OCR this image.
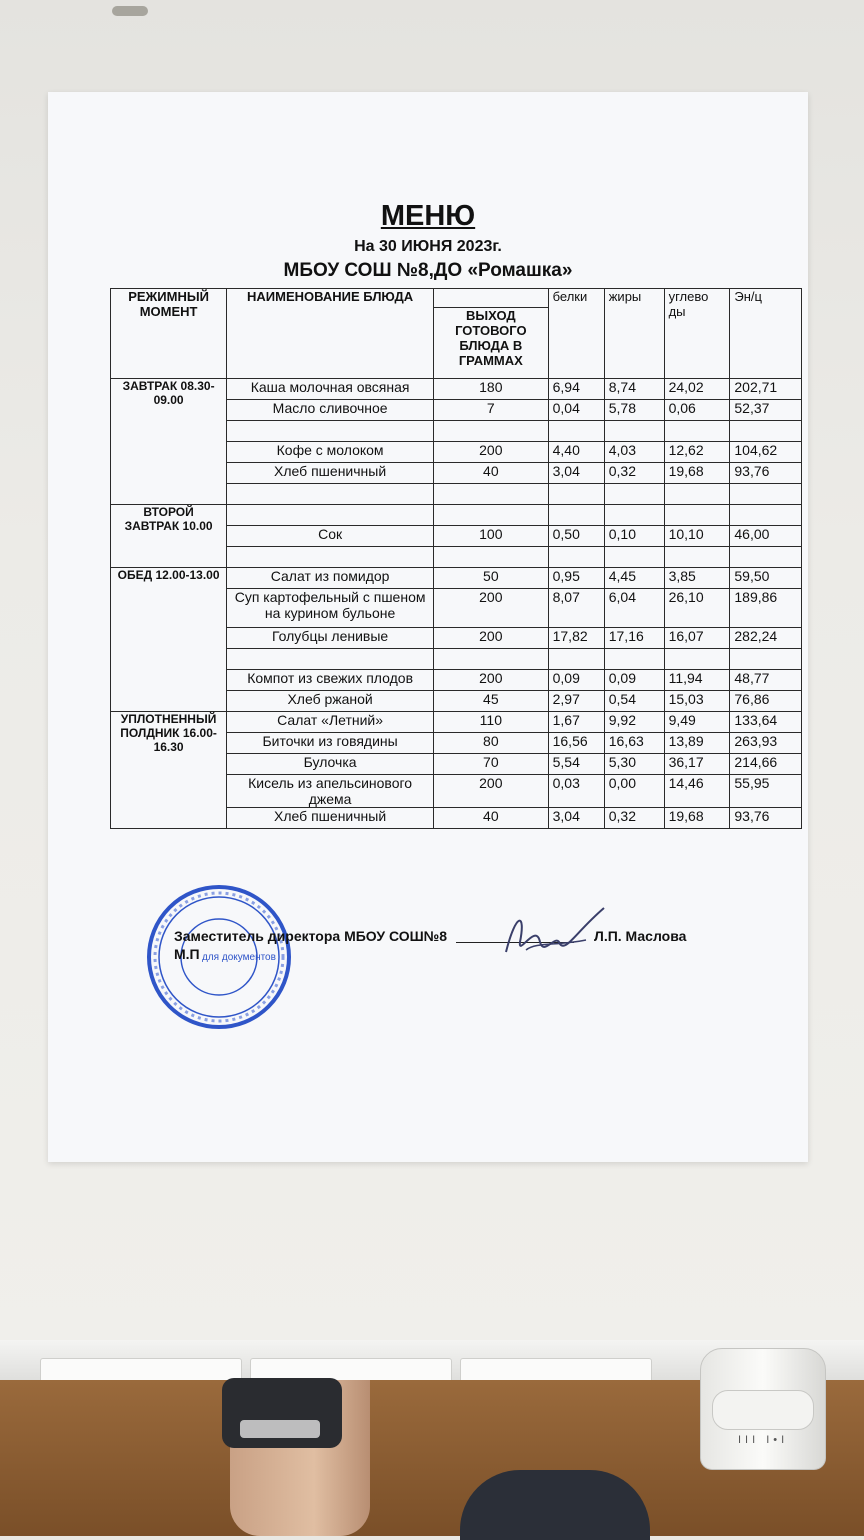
МЕНЮ
На 30 ИЮНЯ 2023г.
МБОУ СОШ №8,ДО «Ромашка»
РЕЖИМНЫЙ МОМЕНТ	НАИМЕНОВАНИЕ БЛЮДА		белки	жиры	углево ды	Эн/ц
		ВЫХОД ГОТОВОГО БЛЮДА В ГРАММАХ				
ЗАВТРАК 08.30-09.00	Каша молочная овсяная	180	6,94	8,74	24,02	202,71
	Масло сливочное	7	0,04	5,78	0,06	52,37

	Кофе с молоком	200	4,40	4,03	12,62	104,62
	Хлеб пшеничный	40	3,04	0,32	19,68	93,76

ВТОРОЙ ЗАВТРАК 10.00						
	Сок	100	0,50	0,10	10,10	46,00

ОБЕД 12.00-13.00	Салат из помидор	50	0,95	4,45	3,85	59,50
	Суп картофельный с пшеном на курином бульоне	200	8,07	6,04	26,10	189,86
	Голубцы ленивые	200	17,82	17,16	16,07	282,24

	Компот из свежих плодов	200	0,09	0,09	11,94	48,77
	Хлеб ржаной	45	2,97	0,54	15,03	76,86
УПЛОТНЕННЫЙ ПОЛДНИК 16.00-16.30	Салат «Летний»	110	1,67	9,92	9,49	133,64
	Биточки из говядины	80	16,56	16,63	13,89	263,93
	Булочка	70	5,54	5,30	36,17	214,66
	Кисель из апельсинового джема	200	0,03	0,00	14,46	55,95
	Хлеб пшеничный	40	3,04	0,32	19,68	93,76
для документов
Заместитель директора МБОУ СОШ№8	Л.П. Маслова
М.П
III I•I
